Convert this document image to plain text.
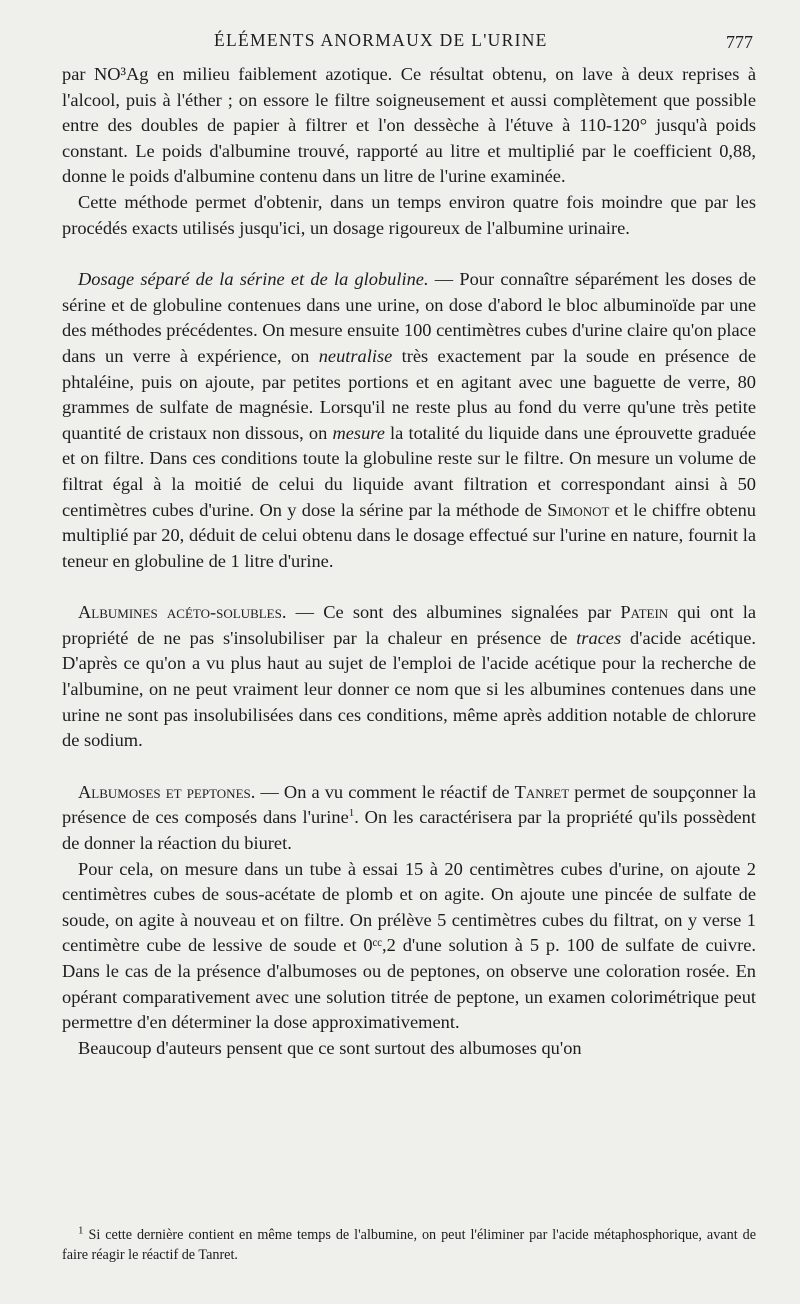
ÉLÉMENTS ANORMAUX DE L'URINE	777

par NO³Ag en milieu faiblement azotique. Ce résultat obtenu, on lave à deux reprises à l'alcool, puis à l'éther ; on essore le filtre soigneusement et aussi complètement que possible entre des doubles de papier à filtrer et l'on dessèche à l'étuve à 110-120° jusqu'à poids constant. Le poids d'albumine trouvé, rapporté au litre et multiplié par le coefficient 0,88, donne le poids d'albumine contenu dans un litre de l'urine examinée.

Cette méthode permet d'obtenir, dans un temps environ quatre fois moindre que par les procédés exacts utilisés jusqu'ici, un dosage rigoureux de l'albumine urinaire.

Dosage séparé de la sérine et de la globuline. — Pour connaître séparément les doses de sérine et de globuline contenues dans une urine, on dose d'abord le bloc albuminoïde par une des méthodes précédentes. On mesure ensuite 100 centimètres cubes d'urine claire qu'on place dans un verre à expérience, on neutralise très exactement par la soude en présence de phtaléine, puis on ajoute, par petites portions et en agitant avec une baguette de verre, 80 grammes de sulfate de magnésie. Lorsqu'il ne reste plus au fond du verre qu'une très petite quantité de cristaux non dissous, on mesure la totalité du liquide dans une éprouvette graduée et on filtre. Dans ces conditions toute la globuline reste sur le filtre. On mesure un volume de filtrat égal à la moitié de celui du liquide avant filtration et correspondant ainsi à 50 centimètres cubes d'urine. On y dose la sérine par la méthode de Simonot et le chiffre obtenu multiplié par 20, déduit de celui obtenu dans le dosage effectué sur l'urine en nature, fournit la teneur en globuline de 1 litre d'urine.

Albumines acéto-solubles. — Ce sont des albumines signalées par Patein qui ont la propriété de ne pas s'insolubiliser par la chaleur en présence de traces d'acide acétique. D'après ce qu'on a vu plus haut au sujet de l'emploi de l'acide acétique pour la recherche de l'albumine, on ne peut vraiment leur donner ce nom que si les albumines contenues dans une urine ne sont pas insolubilisées dans ces conditions, même après addition notable de chlorure de sodium.

Albumoses et peptones. — On a vu comment le réactif de Tanret permet de soupçonner la présence de ces composés dans l'urine$^1$. On les caractérisera par la propriété qu'ils possèdent de donner la réaction du biuret.

Pour cela, on mesure dans un tube à essai 15 à 20 centimètres cubes d'urine, on ajoute 2 centimètres cubes de sous-acétate de plomb et on agite. On ajoute une pincée de sulfate de soude, on agite à nouveau et on filtre. On prélève 5 centimètres cubes du filtrat, on y verse 1 centimètre cube de lessive de soude et 0ᶜᶜ,2 d'une solution à 5 p. 100 de sulfate de cuivre. Dans le cas de la présence d'albumoses ou de peptones, on observe une coloration rosée. En opérant comparativement avec une solution titrée de peptone, un examen colorimétrique peut permettre d'en déterminer la dose approximativement.

Beaucoup d'auteurs pensent que ce sont surtout des albumoses qu'on

$^1$ Si cette dernière contient en même temps de l'albumine, on peut l'éliminer par l'acide métaphosphorique, avant de faire réagir le réactif de Tanret.
